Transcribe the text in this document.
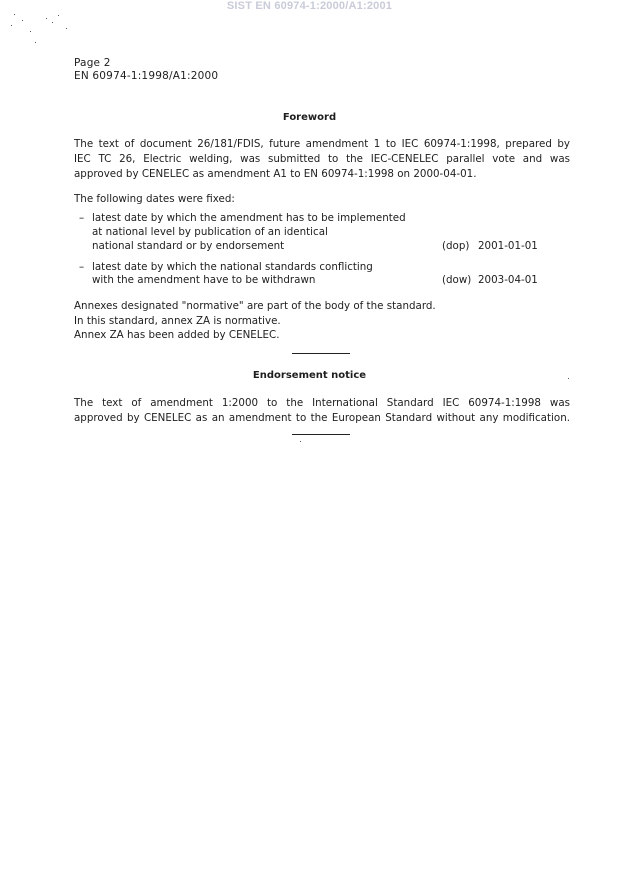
SIST EN 60974-1:2000/A1:2001
Page 2
EN 60974-1:1998/A1:2000
Foreword
The text of document 26/181/FDIS, future amendment 1 to IEC 60974-1:1998, prepared by
IEC TC 26, Electric welding, was submitted to the IEC-CENELEC parallel vote and was
approved by CENELEC as amendment A1 to EN 60974-1:1998 on 2000-04-01.
The following dates were fixed:
– latest date by which the amendment has to be implemented
at national level by publication of an identical
national standard or by endorsement	(dop) 2001-01-01
– latest date by which the national standards conflicting
with the amendment have to be withdrawn	(dow) 2003-04-01
Annexes designated "normative" are part of the body of the standard.
In this standard, annex ZA is normative.
Annex ZA has been added by CENELEC.
Endorsement notice
The text of amendment 1:2000 to the International Standard IEC 60974-1:1998 was
approved by CENELEC as an amendment to the European Standard without any modification.
